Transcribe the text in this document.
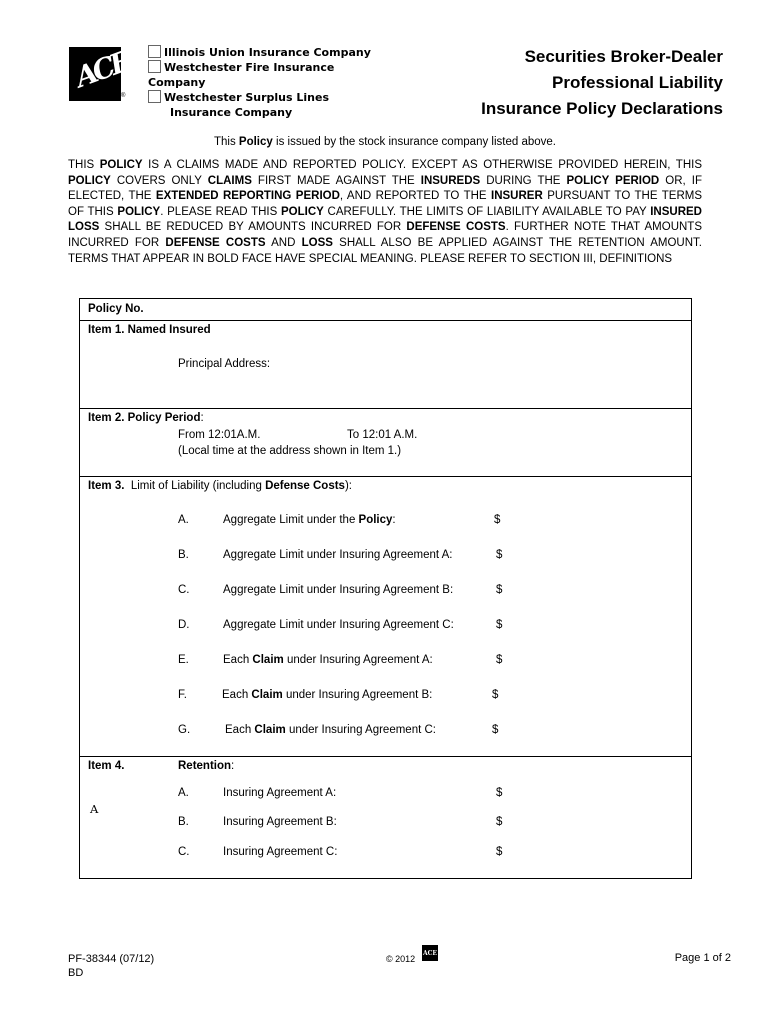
ACE
®
Illinois Union Insurance Company
Westchester Fire Insurance
Company
Westchester Surplus Lines
Insurance Company
Securities Broker-Dealer
Professional Liability
Insurance Policy Declarations
This Policy is issued by the stock insurance company listed above.
THIS POLICY IS A CLAIMS MADE AND REPORTED POLICY. EXCEPT AS OTHERWISE PROVIDED HEREIN, THIS POLICY COVERS ONLY CLAIMS FIRST MADE AGAINST THE INSUREDS DURING THE POLICY PERIOD OR, IF ELECTED, THE EXTENDED REPORTING PERIOD, AND REPORTED TO THE INSURER PURSUANT TO THE TERMS OF THIS POLICY. PLEASE READ THIS POLICY CAREFULLY. THE LIMITS OF LIABILITY AVAILABLE TO PAY INSURED LOSS SHALL BE REDUCED BY AMOUNTS INCURRED FOR DEFENSE COSTS. FURTHER NOTE THAT AMOUNTS INCURRED FOR DEFENSE COSTS AND LOSS SHALL ALSO BE APPLIED AGAINST THE RETENTION AMOUNT. TERMS THAT APPEAR IN BOLD FACE HAVE SPECIAL MEANING. PLEASE REFER TO SECTION III, DEFINITIONS
Policy No.
Item 1. Named Insured
Principal Address:
Item 2. Policy Period:
From 12:01A.M.	To 12:01 A.M.
(Local time at the address shown in Item 1.)
Item 3. Limit of Liability (including Defense Costs):
A.	Aggregate Limit under the Policy:	$
B.	Aggregate Limit under Insuring Agreement A:	$
C.	Aggregate Limit under Insuring Agreement B:	$
D.	Aggregate Limit under Insuring Agreement C:	$
E.	Each Claim under Insuring Agreement A:	$
F.	Each Claim under Insuring Agreement B:	$
G.	Each Claim under Insuring Agreement C:	$
Item 4.	Retention:
A
A.	Insuring Agreement A:	$
B.	Insuring Agreement B:	$
C.	Insuring Agreement C:	$
PF-38344 (07/12)
BD
© 2012
ACE	Page 1 of 2
